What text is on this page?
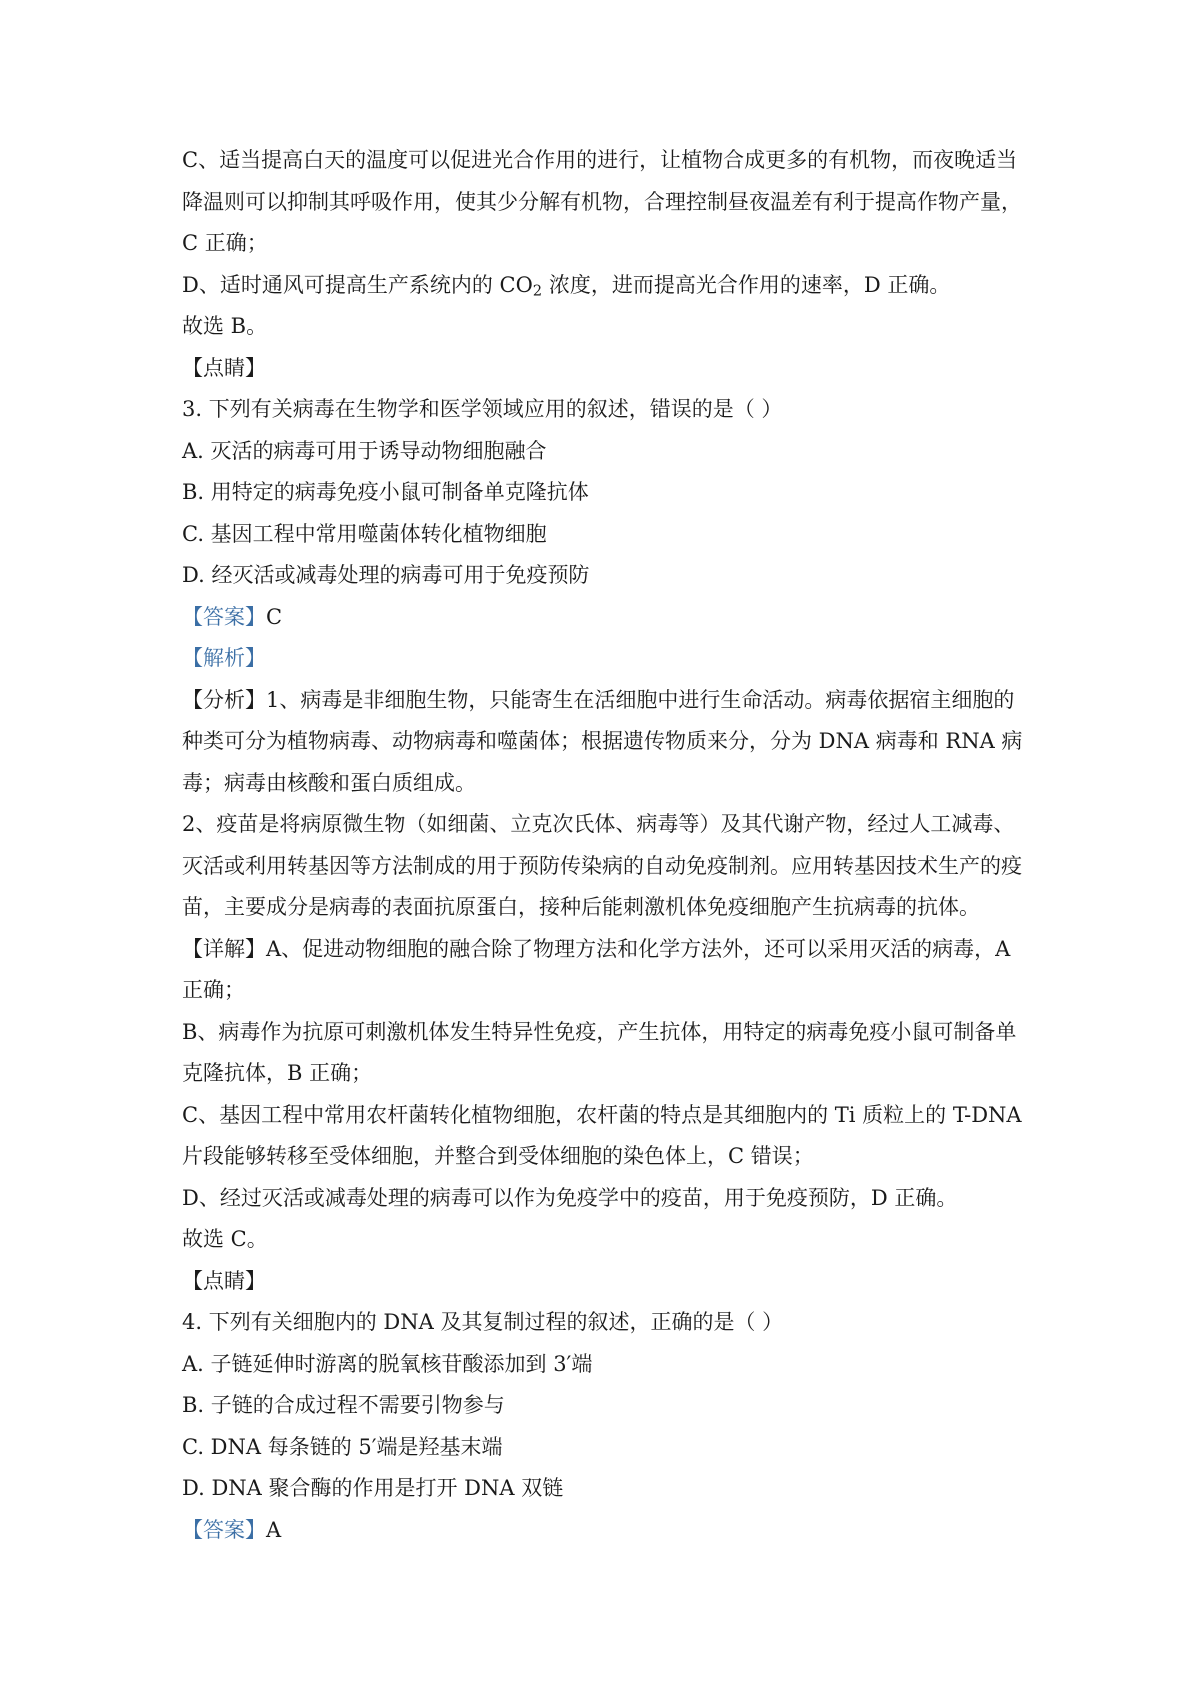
C、适当提高白天的温度可以促进光合作用的进行，让植物合成更多的有机物，而夜晚适当

降温则可以抑制其呼吸作用，使其少分解有机物，合理控制昼夜温差有利于提高作物产量，

C 正确；

D、适时通风可提高生产系统内的 $CO_2$ 浓度，进而提高光合作用的速率，D 正确。

故选 B。

【点睛】

3. 下列有关病毒在生物学和医学领域应用的叙述，错误的是（ ）

A. 灭活的病毒可用于诱导动物细胞融合

B. 用特定的病毒免疫小鼠可制备单克隆抗体

C. 基因工程中常用噬菌体转化植物细胞

D. 经灭活或减毒处理的病毒可用于免疫预防

【答案】C

【解析】

【分析】1、病毒是非细胞生物，只能寄生在活细胞中进行生命活动。病毒依据宿主细胞的

种类可分为植物病毒、动物病毒和噬菌体；根据遗传物质来分，分为 DNA 病毒和 RNA 病

毒；病毒由核酸和蛋白质组成。

2、疫苗是将病原微生物（如细菌、立克次氏体、病毒等）及其代谢产物，经过人工减毒、

灭活或利用转基因等方法制成的用于预防传染病的自动免疫制剂。应用转基因技术生产的疫

苗，主要成分是病毒的表面抗原蛋白，接种后能刺激机体免疫细胞产生抗病毒的抗体。

【详解】A、促进动物细胞的融合除了物理方法和化学方法外，还可以采用灭活的病毒，A

正确；

B、病毒作为抗原可刺激机体发生特异性免疫，产生抗体，用特定的病毒免疫小鼠可制备单

克隆抗体，B 正确；

C、基因工程中常用农杆菌转化植物细胞，农杆菌的特点是其细胞内的 Ti 质粒上的 T-DNA

片段能够转移至受体细胞，并整合到受体细胞的染色体上，C 错误；

D、经过灭活或减毒处理的病毒可以作为免疫学中的疫苗，用于免疫预防，D 正确。

故选 C。

【点睛】

4. 下列有关细胞内的 DNA 及其复制过程的叙述，正确的是（ ）

A. 子链延伸时游离的脱氧核苷酸添加到 3′端

B. 子链的合成过程不需要引物参与

C. DNA 每条链的 5′端是羟基末端

D. DNA 聚合酶的作用是打开 DNA 双链

【答案】A
